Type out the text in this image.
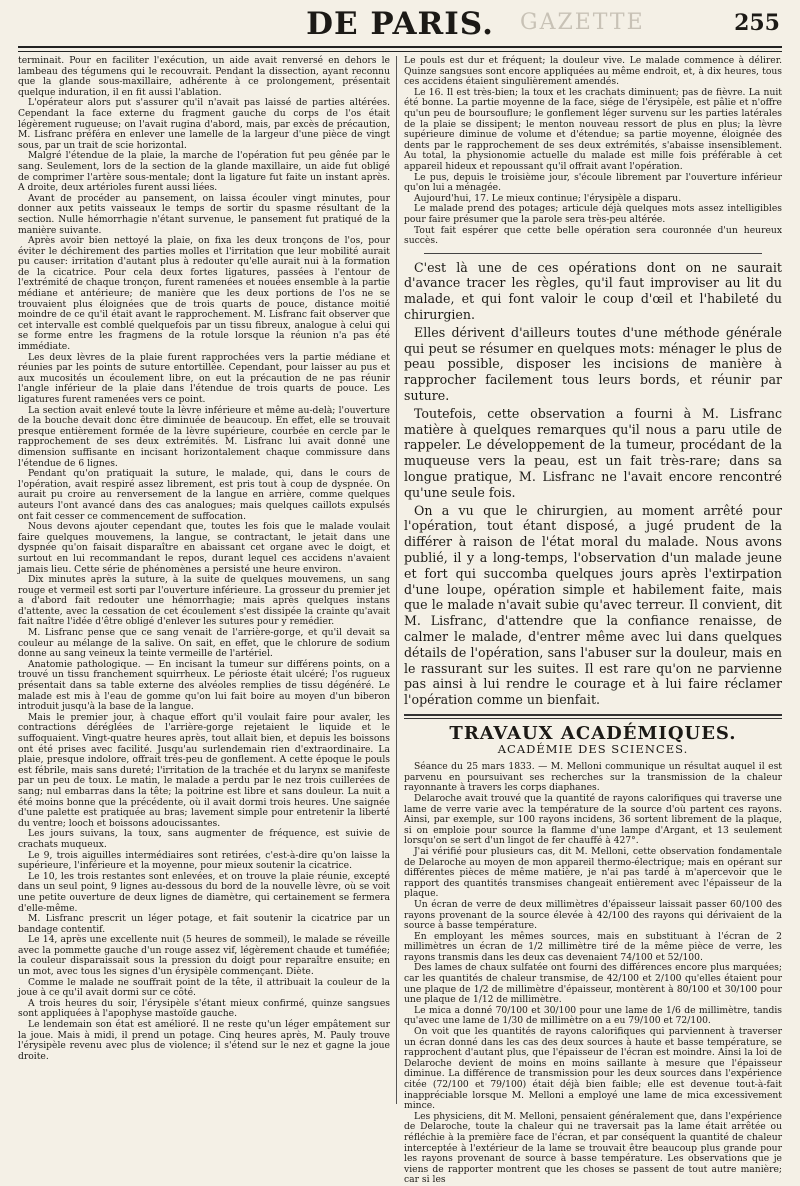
GAZETTE
DE PARIS.	255

terminait. Pour en faciliter l'exécution, un aide avait renversé en dehors le lambeau des tégumens qui le recouvrait. Pendant la dissection, ayant reconnu que la glande sous-maxillaire, adhérente à ce prolongement, présentait quelque induration, il en fit aussi l'ablation.

L'opérateur alors put s'assurer qu'il n'avait pas laissé de parties altérées. Cependant la face externe du fragment gauche du corps de l'os était légèrement rugueuse; on l'avait rugina d'abord, mais, par excès de précaution, M. Lisfranc préféra en enlever une lamelle de la largeur d'une pièce de vingt sous, par un trait de scie horizontal.

Malgré l'étendue de la plaie, la marche de l'opération fut peu gênée par le sang. Seulement, lors de la section de la glande maxillaire, un aide fut obligé de comprimer l'artère sous-mentale; dont la ligature fut faite un instant après. A droite, deux artérioles furent aussi liées.

Avant de procéder au pansement, on laissa écouler vingt minutes, pour donner aux petits vaisseaux le temps de sortir du spasme résultant de la section. Nulle hémorrhagie n'étant survenue, le pansement fut pratiqué de la manière suivante.

Après avoir bien nettoyé la plaie, on fixa les deux tronçons de l'os, pour éviter le déchirement des parties molles et l'irritation que leur mobilité aurait pu causer: irritation d'autant plus à redouter qu'elle aurait nui à la formation de la cicatrice. Pour cela deux fortes ligatures, passées à l'entour de l'extrémité de chaque tronçon, furent ramenées et nouées ensemble à la partie médiane et antérieure; de manière que les deux portions de l'os ne se trouvaient plus éloignées que de trois quarts de pouce, distance moitié moindre de ce qu'il était avant le rapprochement. M. Lisfranc fait observer que cet intervalle est comblé quelquefois par un tissu fibreux, analogue à celui qui se forme entre les fragmens de la rotule lorsque la réunion n'a pas été immédiate.

Les deux lèvres de la plaie furent rapprochées vers la partie médiane et réunies par les points de suture entortillée. Cependant, pour laisser au pus et aux mucosités un écoulement libre, on eut la précaution de ne pas réunir l'angle inférieur de la plaie dans l'étendue de trois quarts de pouce. Les ligatures furent ramenées vers ce point.

La section avait enlevé toute la lèvre inférieure et même au-delà; l'ouverture de la bouche devait donc être diminuée de beaucoup. En effet, elle se trouvait presque entièrement formée de la lèvre supérieure, courbée en cercle par le rapprochement de ses deux extrémités. M. Lisfranc lui avait donné une dimension suffisante en incisant horizontalement chaque commissure dans l'étendue de 6 lignes.

Pendant qu'on pratiquait la suture, le malade, qui, dans le cours de l'opération, avait respiré assez librement, est pris tout à coup de dyspnée. On aurait pu croire au renversement de la langue en arrière, comme quelques auteurs l'ont avancé dans des cas analogues; mais quelques caillots expulsés ont fait cesser ce commencement de suffocation.

Nous devons ajouter cependant que, toutes les fois que le malade voulait faire quelques mouvemens, la langue, se contractant, le jetait dans une dyspnée qu'on faisait disparaître en abaissant cet organe avec le doigt, et surtout en lui recommandant le repos, durant lequel ces accidens n'avaient jamais lieu. Cette série de phénomènes a persisté une heure environ.

Dix minutes après la suture, à la suite de quelques mouvemens, un sang rouge et vermeil est sorti par l'ouverture inférieure. La grosseur du premier jet a d'abord fait redouter une hémorrhagie; mais après quelques instans d'attente, avec la cessation de cet écoulement s'est dissipée la crainte qu'avait fait naître l'idée d'être obligé d'enlever les sutures pour y remédier.

M. Lisfranc pense que ce sang venait de l'arrière-gorge, et qu'il devait sa couleur au mélange de la salive. On sait, en effet, que le chlorure de sodium donne au sang veineux la teinte vermeille de l'artériel.

Anatomie pathologique. — En incisant la tumeur sur différens points, on a trouvé un tissu franchement squirrheux. Le périoste était ulcéré; l'os rugueux présentait dans sa table externe des alvéoles remplies de tissu dégénéré. Le malade est mis à l'eau de gomme qu'on lui fait boire au moyen d'un biberon introduit jusqu'à la base de la langue.

Mais le premier jour, à chaque effort qu'il voulait faire pour avaler, les contractions déréglées de l'arrière-gorge rejetaient le liquide et le suffoquaient. Vingt-quatre heures après, tout allait bien, et depuis les boissons ont été prises avec facilité. Jusqu'au surlendemain rien d'extraordinaire. La plaie, presque indolore, offrait très-peu de gonflement. A cette époque le pouls est fébrile, mais sans dureté; l'irritation de la trachée et du larynx se manifeste par un peu de toux. Le matin, le malade a perdu par le nez trois cuillerées de sang; nul embarras dans la tête; la poitrine est libre et sans douleur. La nuit a été moins bonne que la précédente, où il avait dormi trois heures. Une saignée d'une palette est pratiquée au bras; lavement simple pour entretenir la liberté du ventre; looch et boissons adoucissantes.

Les jours suivans, la toux, sans augmenter de fréquence, est suivie de crachats muqueux.

Le 9, trois aiguilles intermédiaires sont retirées, c'est-à-dire qu'on laisse la supérieure, l'inférieure et la moyenne, pour mieux soutenir la cicatrice.

Le 10, les trois restantes sont enlevées, et on trouve la plaie réunie, excepté dans un seul point, 9 lignes au-dessous du bord de la nouvelle lèvre, où se voit une petite ouverture de deux lignes de diamètre, qui certainement se fermera d'elle-même.

M. Lisfranc prescrit un léger potage, et fait soutenir la cicatrice par un bandage contentif.

Le 14, après une excellente nuit (5 heures de sommeil), le malade se réveille avec la pommette gauche d'un rouge assez vif, légèrement chaude et tuméfiée; la couleur disparaissait sous la pression du doigt pour reparaître ensuite; en un mot, avec tous les signes d'un érysipèle commençant. Diète.

Comme le malade ne souffrait point de la tête, il attribuait la couleur de la joue à ce qu'il avait dormi sur ce côté.

A trois heures du soir, l'érysipèle s'étant mieux confirmé, quinze sangsues sont appliquées à l'apophyse mastoïde gauche.

Le lendemain son état est amélioré. Il ne reste qu'un léger empâtement sur la joue. Mais à midi, il prend un potage. Cinq heures après, M. Pauly trouve l'érysipèle revenu avec plus de violence; il s'étend sur le nez et gagne la joue droite.

Le pouls est dur et fréquent; la douleur vive. Le malade commence à délirer. Quinze sangsues sont encore appliquées au même endroit, et, à dix heures, tous ces accidens étaient singulièrement amendés.

Le 16. Il est très-bien; la toux et les crachats diminuent; pas de fièvre. La nuit été bonne. La partie moyenne de la face, siége de l'érysipèle, est pâlie et n'offre qu'un peu de boursouflure; le gonflement léger survenu sur les parties latérales de la plaie se dissipent; le menton nouveau ressort de plus en plus; la lèvre supérieure diminue de volume et d'étendue; sa partie moyenne, éloignée des dents par le rapprochement de ses deux extrémités, s'abaisse insensiblement. Au total, la physionomie actuelle du malade est mille fois préférable à cet appareil hideux et repoussant qu'il offrait avant l'opération.

Le pus, depuis le troisième jour, s'écoule librement par l'ouverture inférieur qu'on lui a ménagée.

Aujourd'hui, 17. Le mieux continue; l'érysipèle a disparu.

Le malade prend des potages; articule déjà quelques mots assez intelligibles pour faire présumer que la parole sera très-peu altérée.

Tout fait espérer que cette belle opération sera couronnée d'un heureux succès.

C'est là une de ces opérations dont on ne saurait d'avance tracer les règles, qu'il faut improviser au lit du malade, et qui font valoir le coup d'œil et l'habileté du chirurgien.

Elles dérivent d'ailleurs toutes d'une méthode générale qui peut se résumer en quelques mots: ménager le plus de peau possible, disposer les incisions de manière à rapprocher facilement tous leurs bords, et réunir par suture.

Toutefois, cette observation a fourni à M. Lisfranc matière à quelques remarques qu'il nous a paru utile de rappeler. Le développement de la tumeur, procédant de la muqueuse vers la peau, est un fait très-rare; dans sa longue pratique, M. Lisfranc ne l'avait encore rencontré qu'une seule fois.

On a vu que le chirurgien, au moment arrêté pour l'opération, tout étant disposé, a jugé prudent de la différer à raison de l'état moral du malade. Nous avons publié, il y a long-temps, l'observation d'un malade jeune et fort qui succomba quelques jours après l'extirpation d'une loupe, opération simple et habilement faite, mais que le malade n'avait subie qu'avec terreur. Il convient, dit M. Lisfranc, d'attendre que la confiance renaisse, de calmer le malade, d'entrer même avec lui dans quelques détails de l'opération, sans l'abuser sur la douleur, mais en le rassurant sur les suites. Il est rare qu'on ne parvienne pas ainsi à lui rendre le courage et à lui faire réclamer l'opération comme un bienfait.

TRAVAUX ACADÉMIQUES.
ACADÉMIE DES SCIENCES.

Séance du 25 mars 1833. — M. Melloni communique un résultat auquel il est parvenu en poursuivant ses recherches sur la transmission de la chaleur rayonnante à travers les corps diaphanes.

Delaroche avait trouvé que la quantité de rayons calorifiques qui traverse une lame de verre varie avec la température de la source d'où partent ces rayons. Ainsi, par exemple, sur 100 rayons incidens, 36 sortent librement de la plaque, si on emploie pour source la flamme d'une lampe d'Argant, et 13 seulement lorsqu'on se sert d'un lingot de fer chauffé à 427°.

J'ai vérifié pour plusieurs cas, dit M. Melloni, cette observation fondamentale de Delaroche au moyen de mon appareil thermo-électrique; mais en opérant sur différentes pièces de même matière, je n'ai pas tardé à m'apercevoir que le rapport des quantités transmises changeait entièrement avec l'épaisseur de la plaque.

Un écran de verre de deux millimètres d'épaisseur laissait passer 60/100 des rayons provenant de la source élevée à 42/100 des rayons qui dérivaient de la source à basse température.

En employant les mêmes sources, mais en substituant à l'écran de 2 millimètres un écran de 1/2 millimètre tiré de la même pièce de verre, les rayons transmis dans les deux cas devenaient 74/100 et 52/100.

Des lames de chaux sulfatée ont fourni des différences encore plus marquées; car les quantités de chaleur transmise, de 42/100 et 2/100 qu'elles étaient pour une plaque de 1/2 de millimètre d'épaisseur, montèrent à 80/100 et 30/100 pour une plaque de 1/12 de millimètre.

Le mica a donné 70/100 et 30/100 pour une lame de 1/6 de millimètre, tandis qu'avec une lame de 1/30 de millimètre on a eu 79/100 et 72/100.

On voit que les quantités de rayons calorifiques qui parviennent à traverser un écran donné dans les cas des deux sources à haute et basse température, se rapprochent d'autant plus, que l'épaisseur de l'écran est moindre. Ainsi la loi de Delaroche devient de moins en moins saillante à mesure que l'épaisseur diminue. La différence de transmission pour les deux sources dans l'expérience citée (72/100 et 79/100) était déjà bien faible; elle est devenue tout-à-fait inappréciable lorsque M. Melloni a employé une lame de mica excessivement mince.

Les physiciens, dit M. Melloni, pensaient généralement que, dans l'expérience de Delaroche, toute la chaleur qui ne traversait pas la lame était arrêtée ou réfléchie à la première face de l'écran, et par conséquent la quantité de chaleur interceptée à l'extérieur de la lame se trouvait être beaucoup plus grande pour les rayons provenant de source à basse température. Les observations que je viens de rapporter montrent que les choses se passent de tout autre manière; car si les
